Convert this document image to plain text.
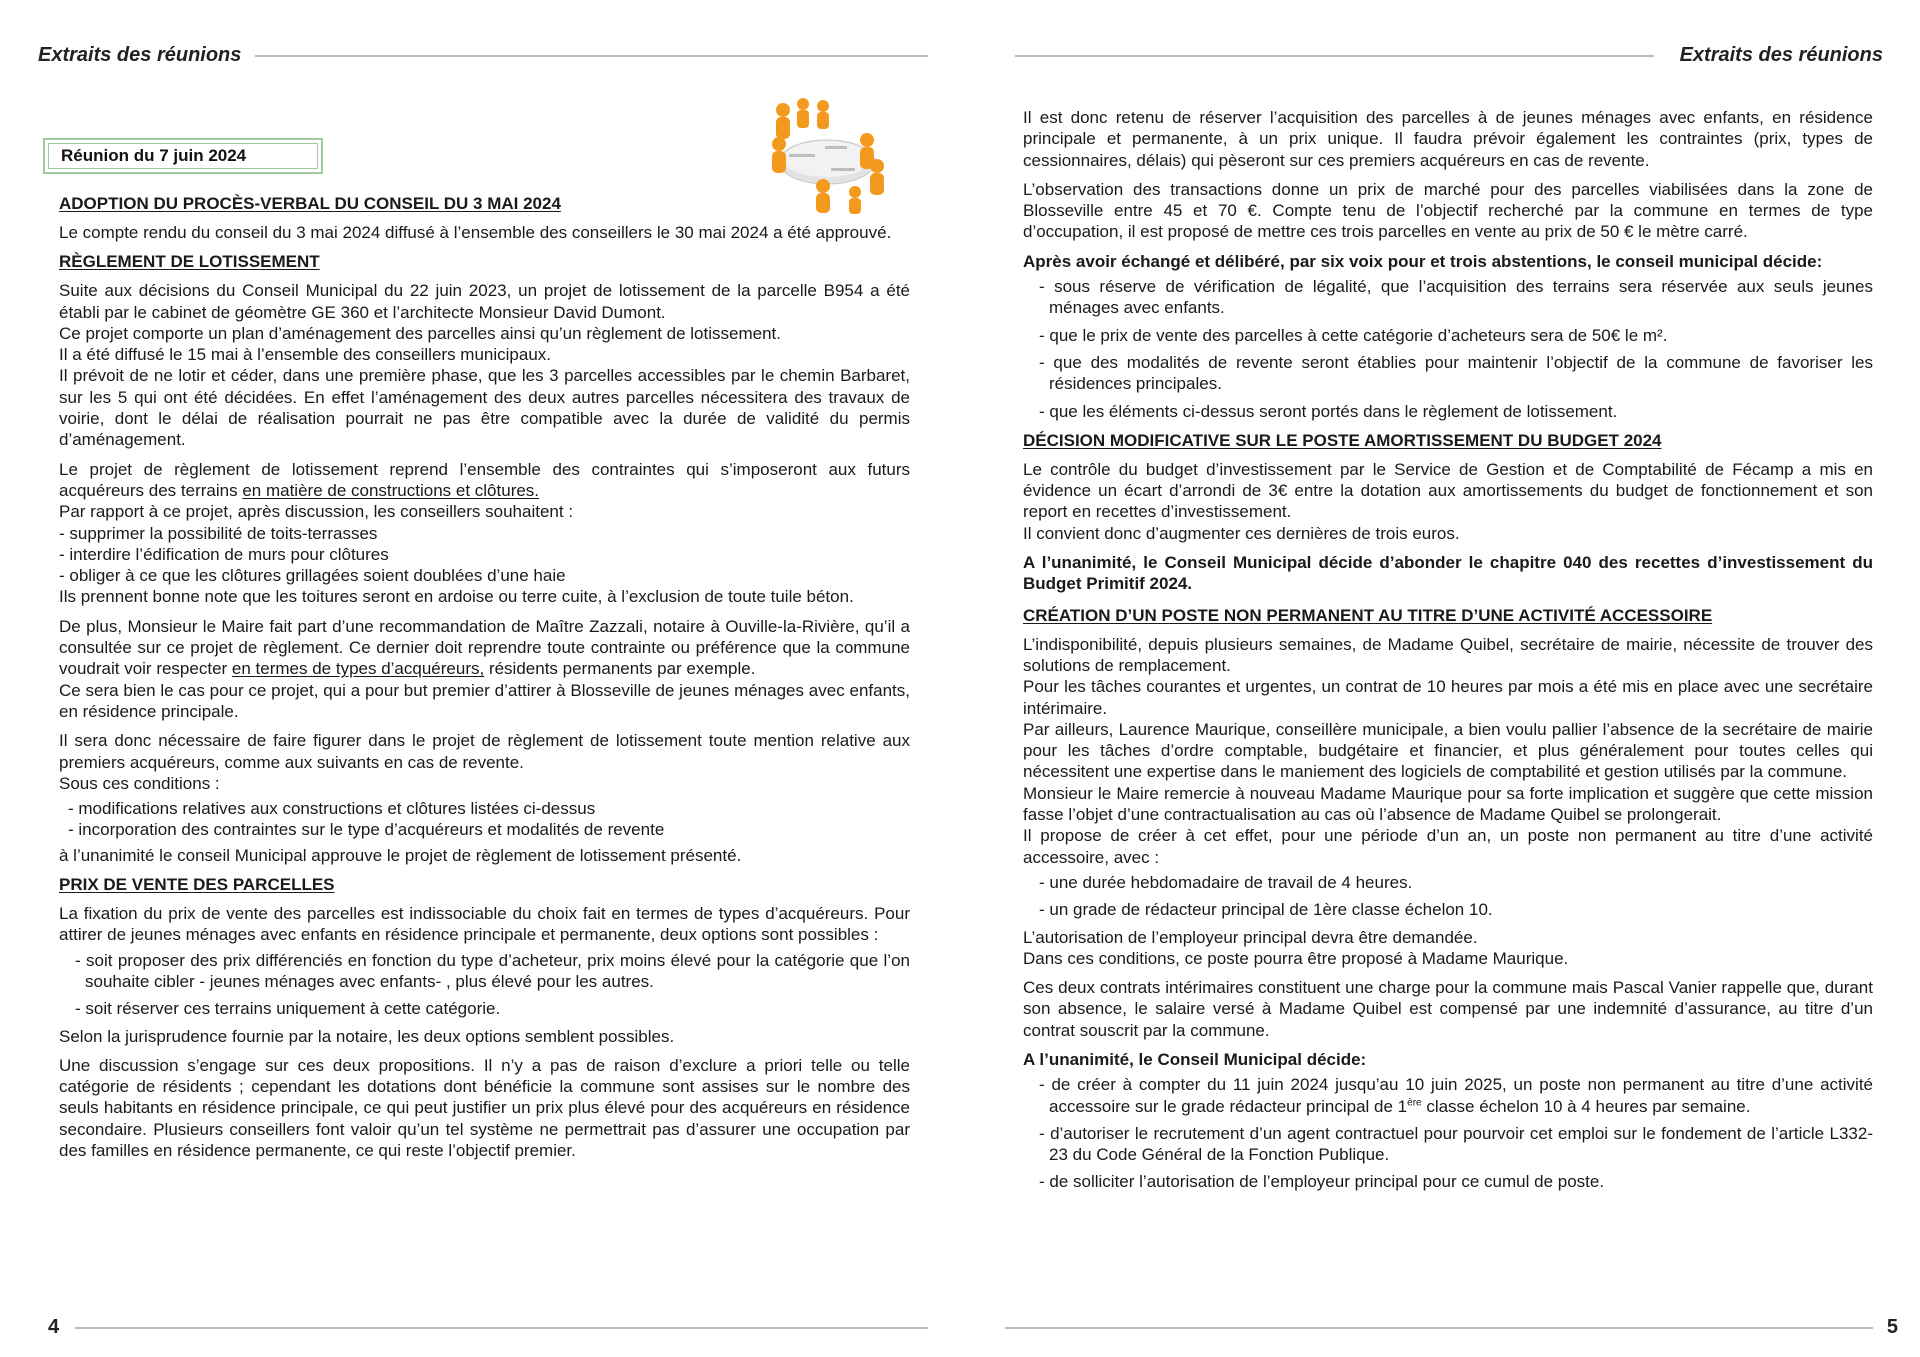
Extraits des réunions
Réunion du 7 juin 2024
ADOPTION DU PROCÈS-VERBAL DU CONSEIL DU 3 MAI 2024

Le compte rendu du conseil du 3 mai 2024 diffusé à l’ensemble des conseillers le 30 mai 2024 a été approuvé.

RÈGLEMENT DE LOTISSEMENT

Suite aux décisions du Conseil Municipal du 22 juin 2023, un projet de lotissement de la parcelle B954 a été établi par le cabinet de géomètre GE 360 et l’architecte Monsieur David Dumont.
Ce projet comporte un plan d’aménagement des parcelles ainsi qu’un règlement de lotissement.
Il a été diffusé le 15 mai à l’ensemble des conseillers municipaux.
Il prévoit de ne lotir et céder, dans une première phase, que les 3 parcelles accessibles par le chemin Barbaret, sur les 5 qui ont été décidées. En effet l’aménagement des deux autres parcelles nécessitera des travaux de voirie, dont le délai de réalisation pourrait ne pas être compatible avec la durée de validité du permis d’aménagement.

Le projet de règlement de lotissement reprend l’ensemble des contraintes qui s’imposeront aux futurs acquéreurs des terrains en matière de constructions et clôtures.
Par rapport à ce projet, après discussion, les conseillers souhaitent :

- supprimer la possibilité de toits-terrasses
- interdire l’édification de murs pour clôtures
- obliger à ce que les clôtures grillagées soient doublées d’une haie

Ils prennent bonne note que les toitures seront en ardoise ou terre cuite, à l’exclusion de toute tuile béton.

De plus, Monsieur le Maire fait part d’une recommandation de Maître Zazzali, notaire à Ouville-la-Rivière, qu’il a consultée sur ce projet de règlement. Ce dernier doit reprendre toute contrainte ou préférence que la commune voudrait voir respecter en termes de types d’acquéreurs, résidents permanents par exemple.
Ce sera bien le cas pour ce projet, qui a pour but premier d’attirer à Blosseville de jeunes ménages avec enfants, en résidence principale.

Il sera donc nécessaire de faire figurer dans le projet de règlement de lotissement toute mention relative aux premiers acquéreurs, comme aux suivants en cas de revente.
Sous ces conditions :

- modifications relatives aux constructions et clôtures listées ci-dessus
- incorporation des contraintes sur le type d’acquéreurs et modalités de revente

à l’unanimité le conseil Municipal approuve le projet de règlement de lotissement présenté.

PRIX DE VENTE DES PARCELLES

La fixation du prix de vente des parcelles est indissociable du choix fait en termes de types d’acquéreurs. Pour attirer de jeunes ménages avec enfants en résidence principale et permanente, deux options sont possibles :

- soit proposer des prix différenciés en fonction du type d’acheteur, prix moins élevé pour la catégorie que l’on souhaite cibler - jeunes ménages avec enfants- , plus élevé pour les autres.
- soit réserver ces terrains uniquement à cette catégorie.

Selon la jurisprudence fournie par la notaire, les deux options semblent possibles.

Une discussion s’engage sur ces deux propositions. Il n’y a pas de raison d’exclure a priori telle ou telle catégorie de résidents ; cependant les dotations dont bénéficie la commune sont assises sur le nombre des seuls habitants en résidence principale, ce qui peut justifier un prix plus élevé pour des acquéreurs en résidence secondaire. Plusieurs conseillers font valoir qu’un tel système ne permettrait pas d’assurer une occupation par des familles en résidence permanente, ce qui reste l’objectif premier.

4
Extraits des réunions

Il est donc retenu de réserver l’acquisition des parcelles à de jeunes ménages avec enfants, en résidence principale et permanente, à un prix unique. Il faudra prévoir également les contraintes (prix, types de cessionnaires, délais) qui pèseront sur ces premiers acquéreurs en cas de revente.

L’observation des transactions donne un prix de marché pour des parcelles viabilisées dans la zone de Blosseville entre 45 et 70 €. Compte tenu de l’objectif recherché par la commune en termes de type d’occupation, il est proposé de mettre ces trois parcelles en vente au prix de 50 € le mètre carré.

Après avoir échangé et délibéré, par six voix pour et trois abstentions, le conseil municipal décide:

- sous réserve de vérification de légalité, que l’acquisition des terrains sera réservée aux seuls jeunes ménages avec enfants.
- que le prix de vente des parcelles à cette catégorie d’acheteurs sera de 50€ le m².
- que des modalités de revente seront établies pour maintenir l’objectif de la commune de favoriser les résidences principales.
- que les éléments ci-dessus seront portés dans le règlement de lotissement.
DÉCISION MODIFICATIVE SUR LE POSTE AMORTISSEMENT DU BUDGET 2024

Le contrôle du budget d’investissement par le Service de Gestion et de Comptabilité de Fécamp a mis en évidence un écart d’arrondi de 3€ entre la dotation aux amortissements du budget de fonctionnement et son report en recettes d’investissement.
Il convient donc d’augmenter ces dernières de trois euros.

A l’unanimité, le Conseil Municipal décide d’abonder le chapitre 040 des recettes d’investissement du Budget Primitif 2024.

CRÉATION D’UN POSTE NON PERMANENT AU TITRE D’UNE ACTIVITÉ ACCESSOIRE

L’indisponibilité, depuis plusieurs semaines, de Madame Quibel, secrétaire de mairie, nécessite de trouver des solutions de remplacement.
Pour les tâches courantes et urgentes, un contrat de 10 heures par mois a été mis en place avec une secrétaire intérimaire.
Par ailleurs, Laurence Maurique, conseillère municipale, a bien voulu pallier l’absence de la secrétaire de mairie pour les tâches d’ordre comptable, budgétaire et financier, et plus généralement pour toutes celles qui nécessitent une expertise dans le maniement des logiciels de comptabilité et gestion utilisés par la commune.
Monsieur le Maire remercie à nouveau Madame Maurique pour sa forte implication et suggère que cette mission fasse l’objet d’une contractualisation au cas où l’absence de Madame Quibel se prolongerait.
Il propose de créer à cet effet, pour une période d’un an, un poste non permanent au titre d’une activité accessoire, avec :

- une durée hebdomadaire de travail de 4 heures.
- un grade de rédacteur principal de 1ère classe échelon 10.

L’autorisation de l’employeur principal devra être demandée.
Dans ces conditions, ce poste pourra être proposé à Madame Maurique.

Ces deux contrats intérimaires constituent une charge pour la commune mais Pascal Vanier rappelle que, durant son absence, le salaire versé à Madame Quibel est compensé par une indemnité d’assurance, au titre d’un contrat souscrit par la commune.

A l’unanimité, le Conseil Municipal décide:

- de créer à compter du 11 juin 2024 jusqu’au 10 juin 2025, un poste non permanent au titre d’une activité accessoire sur le grade rédacteur principal de 1ère classe échelon 10 à 4 heures par semaine.
- d’autoriser le recrutement d’un agent contractuel pour pourvoir cet emploi sur le fondement de l’article L332-23 du Code Général de la Fonction Publique.
- de solliciter l’autorisation de l’employeur principal pour ce cumul de poste.
5
